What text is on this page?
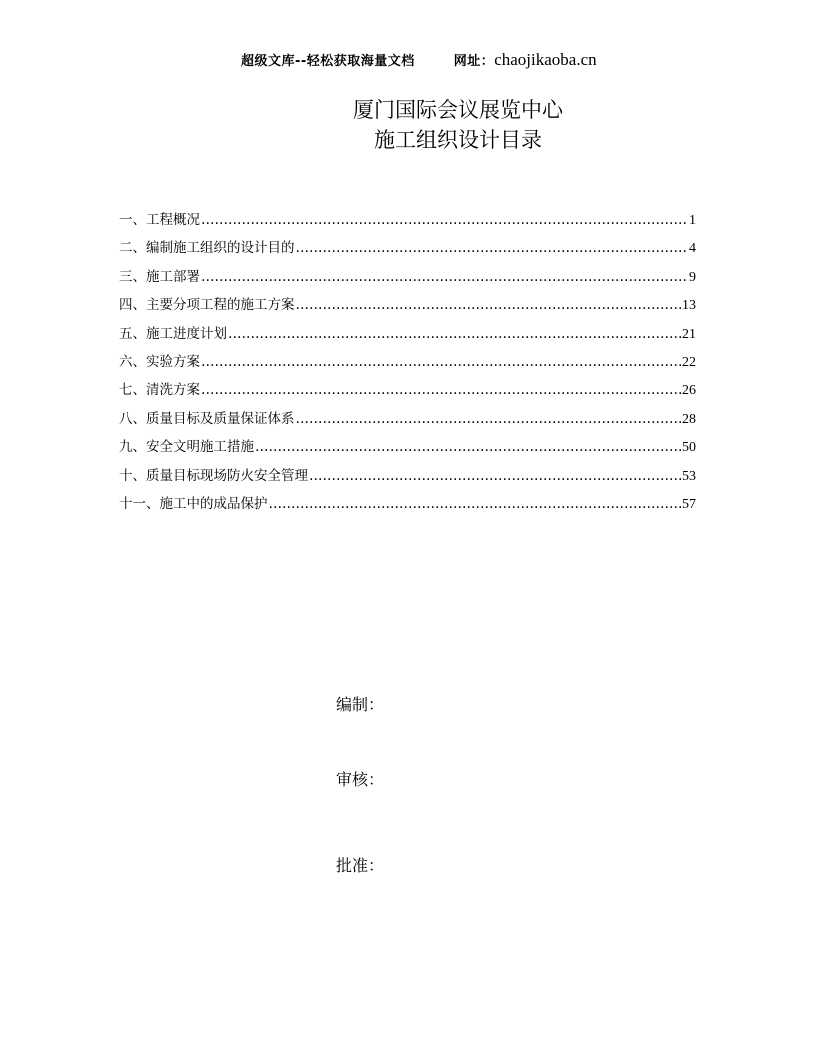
超级文库--轻松获取海量文档	网址：chaojikaoba.cn
厦门国际会议展览中心
施工组织设计目录
一、工程概况 …………………………………………………………………………………………………………………………………………………	1
二、编制施工组织的设计目的 …………………………………………………………………………………………………………………………………………………	4
三、施工部署 …………………………………………………………………………………………………………………………………………………	9
四、主要分项工程的施工方案 …………………………………………………………………………………………………………………………………………………	13
五、施工进度计划 …………………………………………………………………………………………………………………………………………………	21
六、实验方案 …………………………………………………………………………………………………………………………………………………	22
七、清洗方案 …………………………………………………………………………………………………………………………………………………	26
八、质量目标及质量保证体系 …………………………………………………………………………………………………………………………………………………	28
九、安全文明施工措施 …………………………………………………………………………………………………………………………………………………	50
十、质量目标现场防火安全管理 …………………………………………………………………………………………………………………………………………………	53
十一、施工中的成品保护 …………………………………………………………………………………………………………………………………………………	57
编制：
审核：
批准：
